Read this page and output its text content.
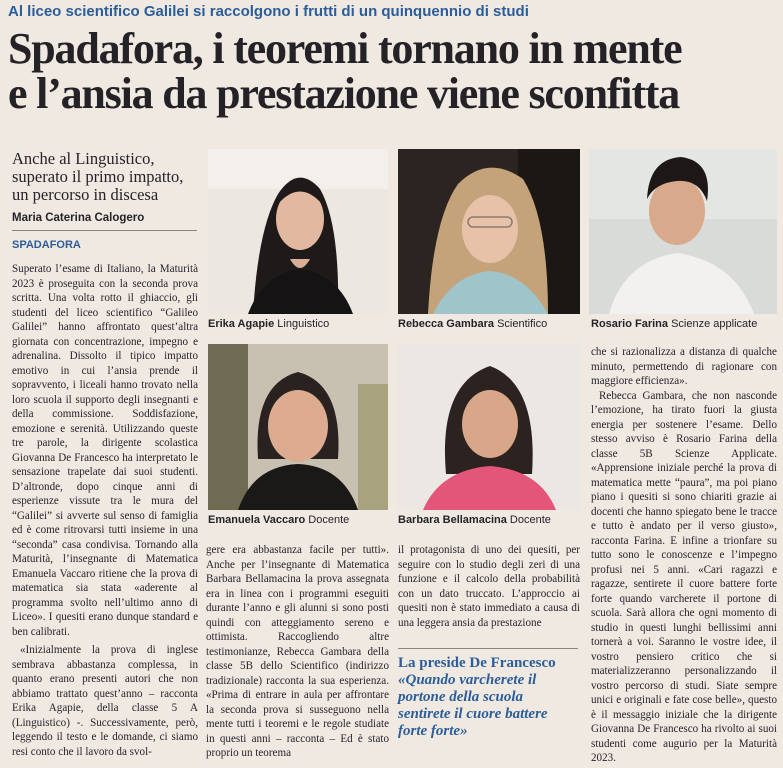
Al liceo scientifico Galilei si raccolgono i frutti di un quinquennio di studi
Spadafora, i teoremi tornano in mente
e l’ansia da prestazione viene sconfitta
Anche al Linguistico, superato il primo impatto, un percorso in discesa
Maria Caterina Calogero
SPADAFORA

Superato l’esame di Italiano, la Maturità 2023 è proseguita con la seconda prova scritta. Una volta rotto il ghiaccio, gli studenti del liceo scientifico “Galileo Galilei” hanno affrontato quest’altra giornata con concentrazione, impegno e adrenalina. Dissolto il tipico impatto emotivo in cui l’ansia prende il sopravvento, i liceali hanno trovato nella loro scuola il supporto degli insegnanti e della commissione. Soddisfazione, emozione e serenità. Utilizzando queste tre parole, la dirigente scolastica Giovanna De Francesco ha interpretato le sensazione trapelate dai suoi studenti. D’altronde, dopo cinque anni di esperienze vissute tra le mura del “Galilei” si avverte sul senso di famiglia ed è come ritrovarsi tutti insieme in una “seconda” casa condivisa. Tornando alla Maturità, l’insegnante di Matematica Emanuela Vaccaro ritiene che la prova di matematica sia stata «aderente al programma svolto nell’ultimo anno di Liceo». I quesiti erano dunque standard e ben calibrati.

«Inizialmente la prova di inglese sembrava abbastanza complessa, in quanto erano presenti autori che non abbiamo trattato quest’anno – racconta Erika Agapie, della classe 5 A (Linguistico) -. Successivamente, però, leggendo il testo e le domande, ci siamo resi conto che il lavoro da svol-

Erika Agapie Linguistico	Rebecca Gambara Scientifico	Rosario Farina Scienze applicate
Emanuela Vaccaro Docente	Barbara Bellamacina Docente

gere era abbastanza facile per tutti». Anche per l’insegnante di Matematica Barbara Bellamacina la prova assegnata era in linea con i programmi eseguiti durante l’anno e gli alunni si sono posti quindi con atteggiamento sereno e ottimista. Raccogliendo altre testimonianze, Rebecca Gambara della classe 5B dello Scientifico (indirizzo tradizionale) racconta la sua esperienza. «Prima di entrare in aula per affrontare la seconda prova si susseguono nella mente tutti i teoremi e le regole studiate in questi anni – racconta – Ed è stato proprio un teorema

il protagonista di uno dei quesiti, per seguire con lo studio degli zeri di una funzione e il calcolo della probabilità con un dato truccato. L’approccio ai quesiti non è stato immediato a causa di una leggera ansia da prestazione

La preside De Francesco
«Quando varcherete il portone della scuola sentirete il cuore battere forte forte»

che si razionalizza a distanza di qualche minuto, permettendo di ragionare con maggiore efficienza».

Rebecca Gambara, che non nasconde l’emozione, ha tirato fuori la giusta energia per sostenere l’esame. Dello stesso avviso è Rosario Farina della classe 5B Scienze Applicate. «Apprensione iniziale perché la prova di matematica mette “paura”, ma poi piano piano i quesiti si sono chiariti grazie ai docenti che hanno spiegato bene le tracce e tutto è andato per il verso giusto», racconta Farina. E infine a trionfare su tutto sono le conoscenze e l’impegno profusi nei 5 anni. «Cari ragazzi e ragazze, sentirete il cuore battere forte forte quando varcherete il portone di scuola. Sarà allora che ogni momento di studio in questi lunghi bellissimi anni tornerà a voi. Saranno le vostre idee, il vostro pensiero critico che si materializzeranno personalizzando il vostro percorso di studi. Siate sempre unici e originali e fate cose belle», questo è il messaggio iniziale che la dirigente Giovanna De Francesco ha rivolto ai suoi studenti come augurio per la Maturità 2023.
